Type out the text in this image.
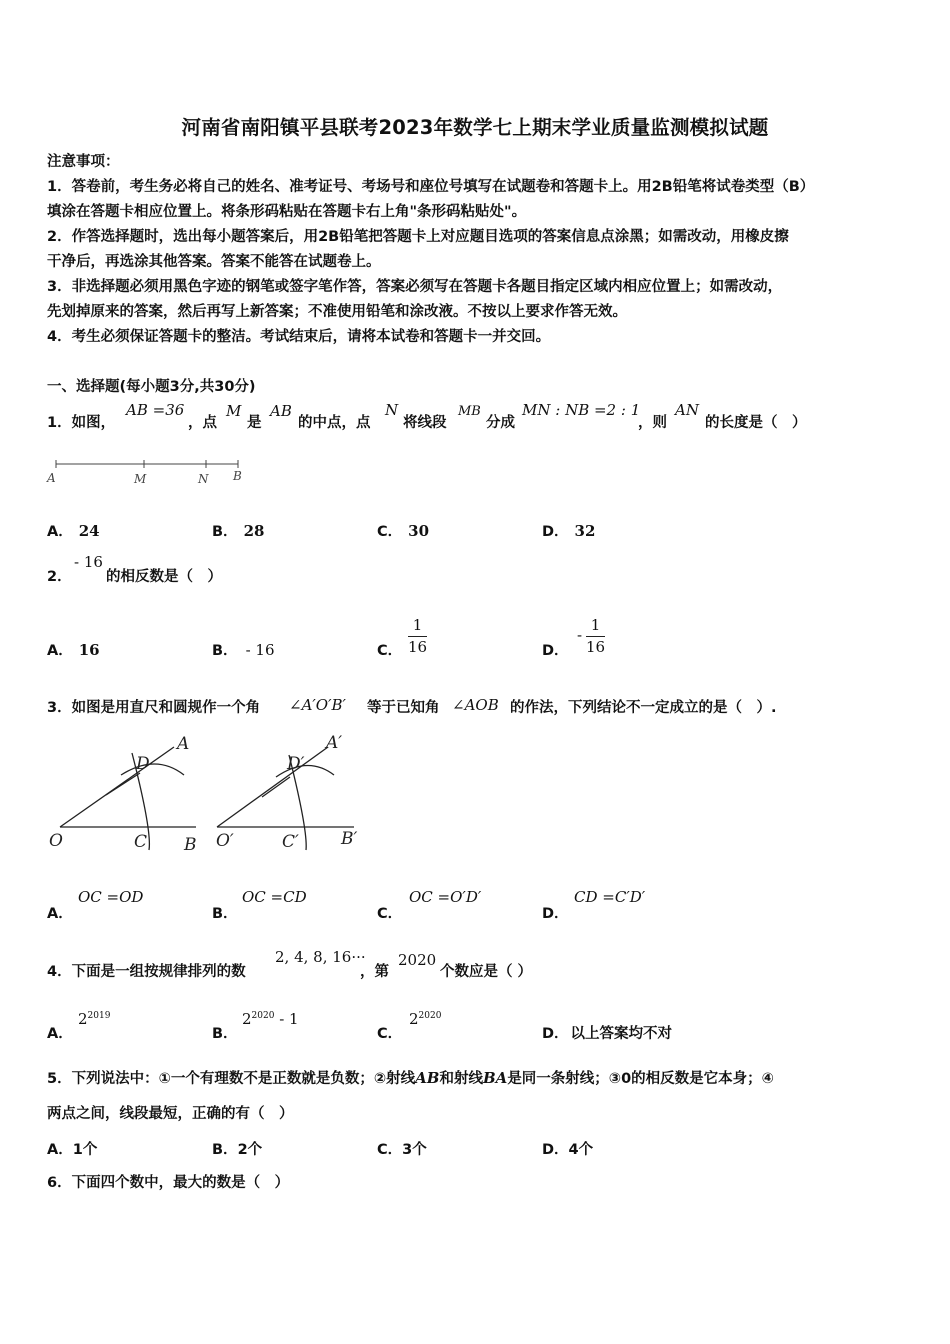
河南省南阳镇平县联考2023年数学七上期末学业质量监测模拟试题
注意事项：
1．答卷前，考生务必将自己的姓名、准考证号、考场号和座位号填写在试题卷和答题卡上。用2B铅笔将试卷类型（B）
填涂在答题卡相应位置上。将条形码粘贴在答题卡右上角"条形码粘贴处"。
2．作答选择题时，选出每小题答案后，用2B铅笔把答题卡上对应题目选项的答案信息点涂黑；如需改动，用橡皮擦
干净后，再选涂其他答案。答案不能答在试题卷上。
3．非选择题必须用黑色字迹的钢笔或签字笔作答，答案必须写在答题卡各题目指定区域内相应位置上；如需改动，
先划掉原来的答案，然后再写上新答案；不准使用铅笔和涂改液。不按以上要求作答无效。
4．考生必须保证答题卡的整洁。考试结束后，请将本试卷和答题卡一并交回。
一、选择题(每小题3分,共30分)
1．如图，
AB =36
，点
M
是
AB
的中点，点
N
将线段
MB
分成
MN : NB =2 : 1
，则
AN
的长度是（　）
A	M	N B
A． 24	B． 28	C． 30	D． 32
2．
- 16
的相反数是（　）
A． 16	B． - 16	C． $\frac{1}{16}$	D．
- $\frac{1}{16}$
3．如图是用直尺和圆规作一个角 ∠A′O′B′ 等于已知角 ∠AOB 的作法，下列结论不一定成立的是（　）.
O	C B
D
A
O′	C′ B′
D′
A′
A．
OC =OD
B．
OC =CD
C．
OC =O′D′
D．
CD =C′D′
4．下面是一组按规律排列的数
2, 4, 8, 16···
，第
2020
个数应是（ ）
A．
$2^{2019}$
B．
$2^{2020} - 1$
C．
$2^{2020}$
D． 以上答案均不对
5．下列说法中：①一个有理数不是正数就是负数；②射线AB和射线BA是同一条射线；③0的相反数是它本身；④
两点之间，线段最短，正确的有（　）
A．1个	B．2个	C．3个	D．4个
6．下面四个数中，最大的数是（　）
